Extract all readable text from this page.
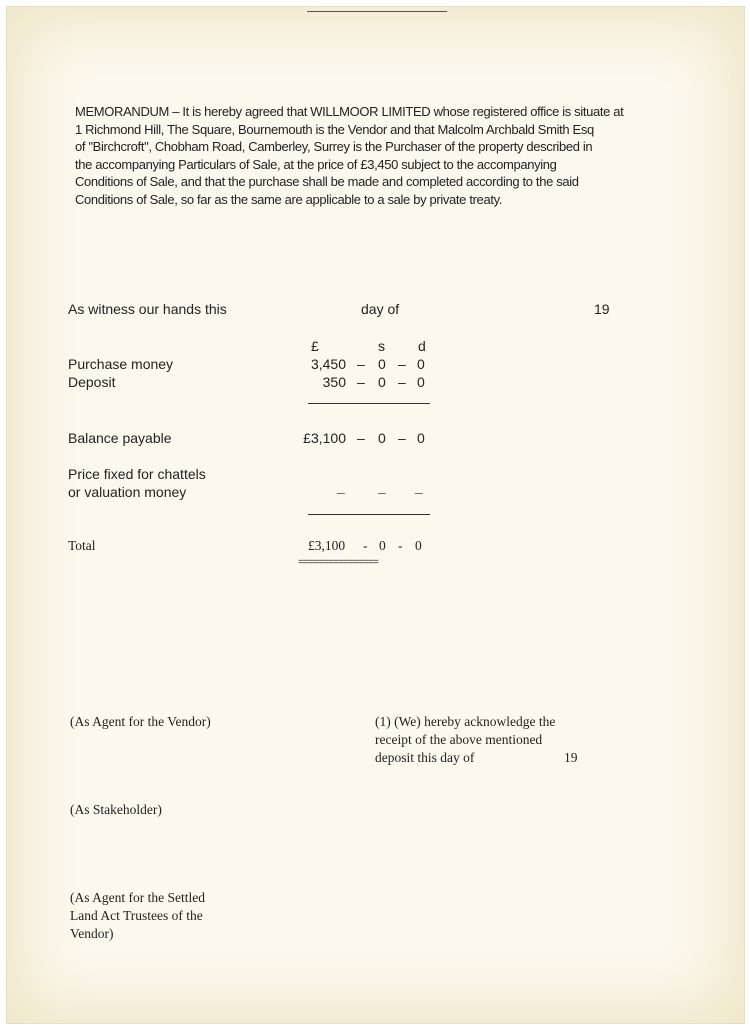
MEMORANDUM – It is hereby agreed that WILLMOOR LIMITED whose registered office is situate at
1 Richmond Hill, The Square, Bournemouth is the Vendor and that Malcolm Archbald Smith Esq
of "Birchcroft", Chobham Road, Camberley, Surrey is the Purchaser of the property described in
the accompanying Particulars of Sale, at the price of £3,450 subject to the accompanying
Conditions of Sale, and that the purchase shall be made and completed according to the said
Conditions of Sale, so far as the same are applicable to a sale by private treaty.
As witness our hands this	day of	19
£	s d
Purchase money	3,450 – 0 – 0
Deposit	350 – 0 – 0
Balance payable	£3,100 – 0 – 0
Price fixed for chattels
or valuation money	– – –
Total	£3,100 - 0 - 0
================
(As Agent for the Vendor)	(1) (We) hereby acknowledge the
receipt of the above mentioned
deposit this day of	19
(As Stakeholder)
(As Agent for the Settled
Land Act Trustees of the
Vendor)
